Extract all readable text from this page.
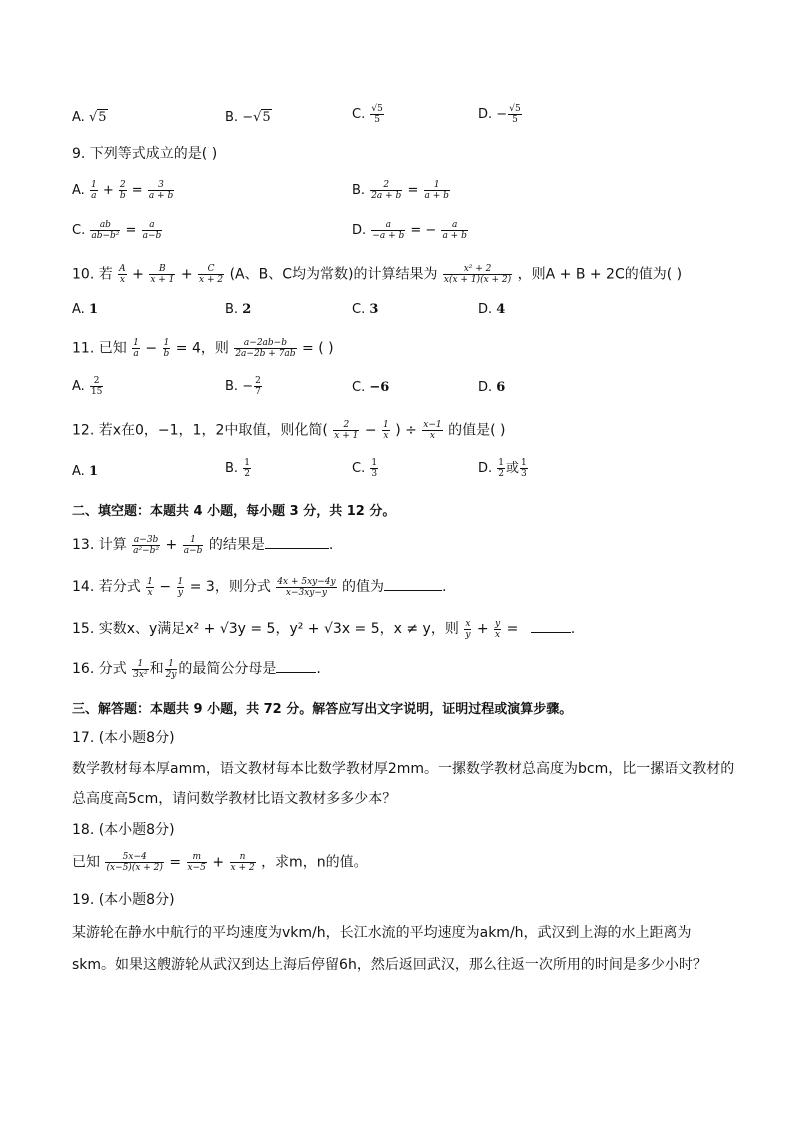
A. √5	B. −√5	C. $\frac{√5}{5}$	D. − $\frac{√5}{5}$
9. 下列等式成立的是( )
A. $\frac{1}{a} + \frac{2}{b} = \frac{3}{a + b}$	B. $\frac{2}{2a + b} = \frac{1}{a + b}$
C. $\frac{ab}{\text{ab−b²}} = \frac{a}{a-b}$	D. $\frac{a}{-a + b}$ = − $\frac{a}{a + b}$
10. 若 $\frac{A}{x} + \frac{B}{x + 1} + \frac{C}{x + 2} (A$、B、C均为常数)的计算结果为 $\frac{\text{x² + 2}}{x(x + 1)(x + 2)}$ ，则A + B + 2C的值为( )
A. 1	B. 2	C. 3	D. 4
11. 已知 $\frac{1}{a} - \frac{1}{b} = 4$，则 $\frac{a-2ab-b}{2a-2b + 7ab}$ = ( )
A. $\frac{2}{15}$	B. − $\frac{2}{7}$	C. −6	D. 6
12. 若x在0，−1，1，2中取值，则化简( $\frac{2}{x + 1} - \frac{1}{x}$ ) ÷ $\frac{x-1}{x}$ 的值是( )
A. 1	B. $\frac{1}{2}$	C. $\frac{1}{3}$	D. $\frac{1}{2}$ 或 $\frac{1}{3}$
二、填空题：本题共 4 小题，每小题 3 分，共 12 分。
13. 计算 $\frac{a-3b}{\text{a²−b²}} + \frac{1}{a-b}$ 的结果是	.
14. 若分式 $\frac{1}{x} - \frac{1}{y} = 3$，则分式 $\frac{4x + 5xy-4y}{x-3xy-y}$ 的值为	.
15. 实数x、y满足x² + √3y = 5，y² + √3x = 5，x ≠ y，则 $\frac{x}{y} + \frac{y}{x}$ =	.
16. 分式 $\frac{1}{\text{3x²}}$ 和 $\frac{1}{2y}$ 的最简公分母是	.
三、解答题：本题共 9 小题，共 72 分。解答应写出文字说明，证明过程或演算步骤。
17. (本小题8分)
数学教材每本厚amm，语文教材每本比数学教材厚2mm。一摞数学教材总高度为bcm，比一摞语文教材的
总高度高5cm，请问数学教材比语文教材多多少本？
18. (本小题8分)
已知 $\frac{5x-4}{(x-5)(x + 2)} = \frac{m}{x-5} + \frac{n}{x + 2}$ ，求m，n的值。
19. (本小题8分)
某游轮在静水中航行的平均速度为vkm/h，长江水流的平均速度为akm/h，武汉到上海的水上距离为
skm。如果这艘游轮从武汉到达上海后停留6h，然后返回武汉，那么往返一次所用的时间是多少小时？
